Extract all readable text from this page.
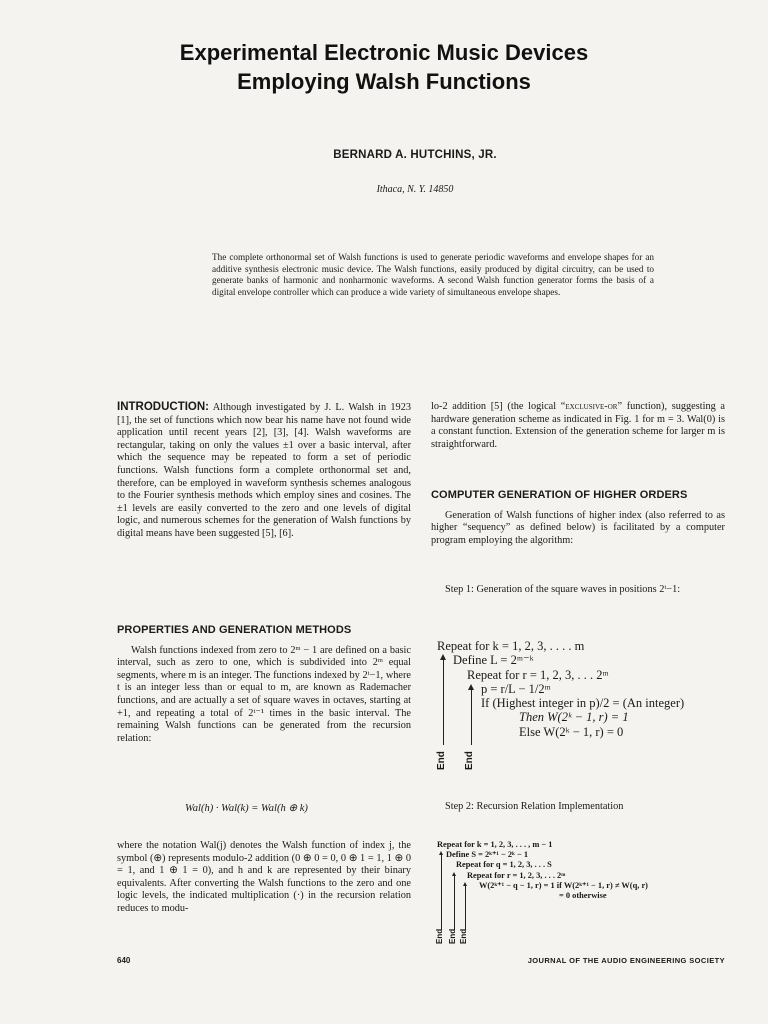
Experimental Electronic Music Devices
Employing Walsh Functions
BERNARD A. HUTCHINS, JR.
Ithaca, N. Y. 14850
The complete orthonormal set of Walsh functions is used to generate periodic waveforms and envelope shapes for an additive synthesis electronic music device. The Walsh functions, easily produced by digital circuitry, can be used to generate banks of harmonic and nonharmonic waveforms. A second Walsh function generator forms the basis of a digital envelope controller which can produce a wide variety of simultaneous envelope shapes.

INTRODUCTION: Although investigated by J. L. Walsh in 1923 [1], the set of functions which now bear his name have not found wide application until recent years [2], [3], [4]. Walsh waveforms are rectangular, taking on only the values ±1 over a basic interval, after which the sequence may be repeated to form a set of periodic functions. Walsh functions form a complete orthonormal set and, therefore, can be employed in waveform synthesis schemes analogous to the Fourier synthesis methods which employ sines and cosines. The ±1 levels are easily converted to the zero and one levels of digital logic, and numerous schemes for the generation of Walsh functions by digital means have been suggested [5], [6].

PROPERTIES AND GENERATION METHODS

Walsh functions indexed from zero to 2ᵐ − 1 are defined on a basic interval, such as zero to one, which is subdivided into 2ᵐ equal segments, where m is an integer. The functions indexed by 2ᵗ−1, where t is an integer less than or equal to m, are known as Rademacher functions, and are actually a set of square waves in octaves, starting at +1, and repeating a total of 2ᵗ⁻¹ times in the basic interval. The remaining Walsh functions can be generated from the recursion relation:

Wal(h) · Wal(k) = Wal(h ⊕ k)
where the notation Wal(j) denotes the Walsh function of index j, the symbol (⊕) represents modulo-2 addition (0 ⊕ 0 = 0, 0 ⊕ 1 = 1, 1 ⊕ 0 = 1, and 1 ⊕ 1 = 0), and h and k are represented by their binary equivalents. After converting the Walsh functions to the zero and one logic levels, the indicated multiplication (·) in the recursion relation reduces to modu-

lo-2 addition [5] (the logical “exclusive-or” function), suggesting a hardware generation scheme as indicated in Fig. 1 for m = 3. Wal(0) is a constant function. Extension of the generation scheme for larger m is straightforward.

COMPUTER GENERATION OF HIGHER ORDERS

Generation of Walsh functions of higher index (also referred to as higher “sequency” as defined below) is facilitated by a computer program employing the algorithm:

Step 1: Generation of the square waves in positions 2ᵗ−1:

Repeat for k = 1, 2, 3, . . . . m
Define L = 2ᵐ⁻ᵏ
Repeat for r = 1, 2, 3, . . . 2ᵐ
p = r/L − 1/2ᵐ
If (Highest integer in p)/2 = (An integer)
Then W(2ᵏ − 1, r) = 1
Else W(2ᵏ − 1, r) = 0
End End

Step 2: Recursion Relation Implementation

Repeat for k = 1, 2, 3, . . . , m − 1
Define S = 2ᵏ⁺¹ − 2ᵏ − 1
Repeat for q = 1, 2, 3, . . . S
Repeat for r = 1, 2, 3, . . . 2ᵐ
W(2ᵏ⁺¹ − q − 1, r) = 1 if W(2ᵏ⁺¹ − 1, r) ≠ W(q, r)
= 0 otherwise
End End End
640	JOURNAL OF THE AUDIO ENGINEERING SOCIETY
